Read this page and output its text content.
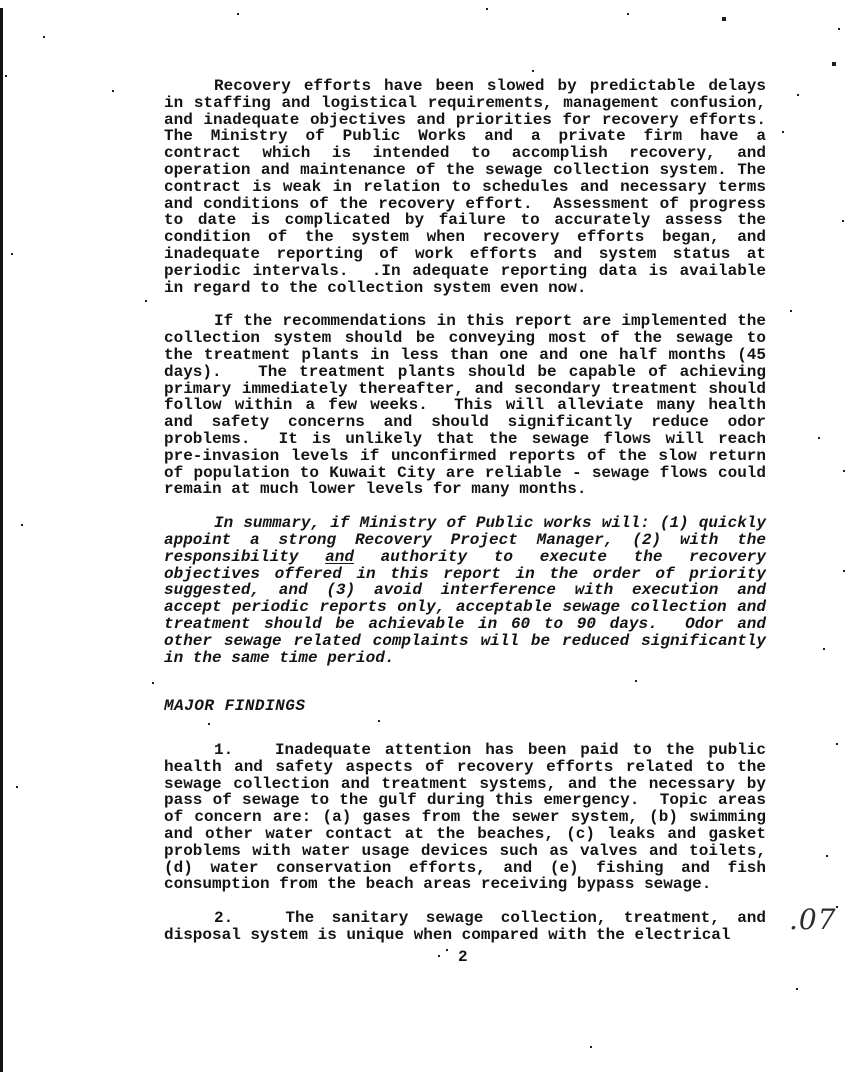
Recovery efforts have been slowed by predictable delays in staffing and logistical requirements, management confusion, and inadequate objectives and priorities for recovery efforts. The Ministry of Public Works and a private firm have a contract which is intended to accomplish recovery, and operation and maintenance of the sewage collection system. The contract is weak in relation to schedules and necessary terms and conditions of the recovery effort.  Assessment of progress to date is complicated by failure to accurately assess the condition of the system when recovery efforts began, and inadequate reporting of work efforts and system status at periodic intervals.  .In adequate reporting data is available in regard to the collection system even now.

If the recommendations in this report are implemented the collection system should be conveying most of the sewage to the treatment plants in less than one and one half months (45 days).   The treatment plants should be capable of achieving primary immediately thereafter, and secondary treatment should follow within a few weeks.  This will alleviate many health and safety concerns and should significantly reduce odor problems.  It is unlikely that the sewage flows will reach pre-invasion levels if unconfirmed reports of the slow return of population to Kuwait City are reliable - sewage flows could remain at much lower levels for many months.

In summary, if Ministry of Public works will: (1) quickly appoint a strong Recovery Project Manager, (2) with the responsibility and authority to execute the recovery objectives offered in this report in the order of priority suggested, and (3) avoid interference with execution and accept periodic reports only, acceptable sewage collection and treatment should be achievable in 60 to 90 days.  Odor and other sewage related complaints will be reduced significantly in the same time period.

MAJOR FINDINGS

1.   Inadequate attention has been paid to the public health and safety aspects of recovery efforts related to the sewage collection and treatment systems, and the necessary by pass of sewage to the gulf during this emergency.  Topic areas of concern are: (a) gases from the sewer system, (b) swimming and other water contact at the beaches, (c) leaks and gasket problems with water usage devices such as valves and toilets, (d) water conservation efforts, and (e) fishing and fish consumption from the beach areas receiving bypass sewage.

2.   The sanitary sewage collection, treatment, and disposal system is unique when compared with the electrical	.07
2
